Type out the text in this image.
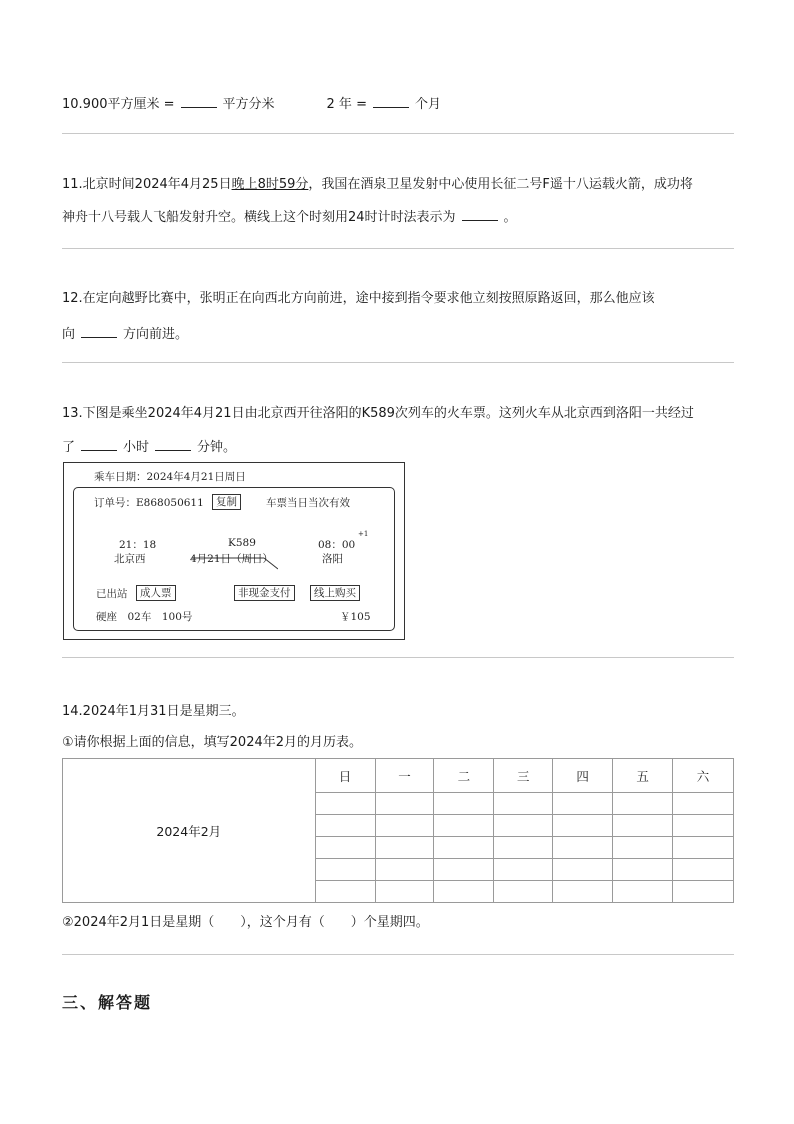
10.900平方厘米 =	平方分米	2 年 =	个月
11.北京时间2024年4月25日晚上8时59分，我国在酒泉卫星发射中心使用长征二号F遥十八运载火箭，成功将
神舟十八号载人飞船发射升空。横线上这个时刻用24时计时法表示为	。
12.在定向越野比赛中，张明正在向西北方向前进，途中接到指令要求他立刻按照原路返回，那么他应该
向	方向前进。
13.下图是乘坐2024年4月21日由北京西开往洛阳的K589次列车的火车票。这列火车从北京西到洛阳一共经过
了	小时	分钟。
乘车日期：2024年4月21日周日
订单号：E868050611	复制	车票当日当次有效
21：18	K589	08：00
+1
北京西	4月21日（周日）	洛阳
已出站	成人票	非现金支付	线上购买
硬座　02车　100号	￥105
14.2024年1月31日是星期三。
①请你根据上面的信息，填写2024年2月的月历表。
2024年2月	日	一	二	三	四	五	六

②2024年2月1日是星期（　　），这个月有（　　）个星期四。
三、解答题
